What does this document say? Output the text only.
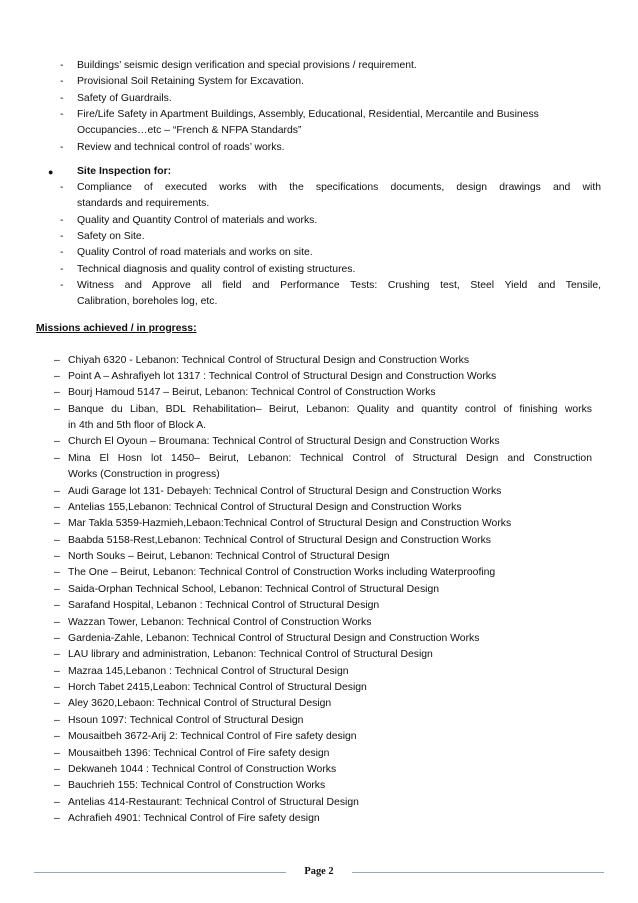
- Buildings’ seismic design verification and special provisions / requirement.
- Provisional Soil Retaining System for Excavation.
- Safety of Guardrails.
- Fire/Life Safety in Apartment Buildings, Assembly, Educational, Residential, Mercantile and Business
Occupancies…etc – “French & NFPA Standards”
- Review and technical control of roads’ works.
● Site Inspection for:
- Compliance of executed works with the specifications documents, design drawings and with
standards and requirements.
- Quality and Quantity Control of materials and works.
- Safety on Site.
- Quality Control of road materials and works on site.
- Technical diagnosis and quality control of existing structures.
- Witness and Approve all field and Performance Tests: Crushing test, Steel Yield and Tensile,
Calibration, boreholes log, etc.
Missions achieved / in progress:
– Chiyah 6320 - Lebanon: Technical Control of Structural Design and Construction Works
– Point A – Ashrafiyeh lot 1317 : Technical Control of Structural Design and Construction Works
– Bourj Hamoud 5147 – Beirut, Lebanon: Technical Control of Construction Works
– Banque du Liban, BDL Rehabilitation– Beirut, Lebanon: Quality and quantity control of finishing works
in 4th and 5th floor of Block A.
– Church El Oyoun – Broumana: Technical Control of Structural Design and Construction Works
– Mina El Hosn lot 1450– Beirut, Lebanon: Technical Control of Structural Design and Construction
Works (Construction in progress)
– Audi Garage lot 131- Debayeh: Technical Control of Structural Design and Construction Works
– Antelias 155,Lebanon: Technical Control of Structural Design and Construction Works
– Mar Takla 5359-Hazmieh,Lebaon:Technical Control of Structural Design and Construction Works
– Baabda 5158-Rest,Lebanon: Technical Control of Structural Design and Construction Works
– North Souks – Beirut, Lebanon: Technical Control of Structural Design
– The One – Beirut, Lebanon: Technical Control of Construction Works including Waterproofing
– Saida-Orphan Technical School, Lebanon: Technical Control of Structural Design
– Sarafand Hospital, Lebanon : Technical Control of Structural Design
– Wazzan Tower, Lebanon: Technical Control of Construction Works
– Gardenia-Zahle, Lebanon: Technical Control of Structural Design and Construction Works
– LAU library and administration, Lebanon: Technical Control of Structural Design
– Mazraa 145,Lebanon : Technical Control of Structural Design
– Horch Tabet 2415,Leabon: Technical Control of Structural Design
– Aley 3620,Lebaon: Technical Control of Structural Design
– Hsoun 1097: Technical Control of Structural Design
– Mousaitbeh 3672-Arij 2: Technical Control of Fire safety design
– Mousaitbeh 1396: Technical Control of Fire safety design
– Dekwaneh 1044 : Technical Control of Construction Works
– Bauchrieh 155: Technical Control of Construction Works
– Antelias 414-Restaurant: Technical Control of Structural Design
– Achrafieh 4901: Technical Control of Fire safety design
Page 2
